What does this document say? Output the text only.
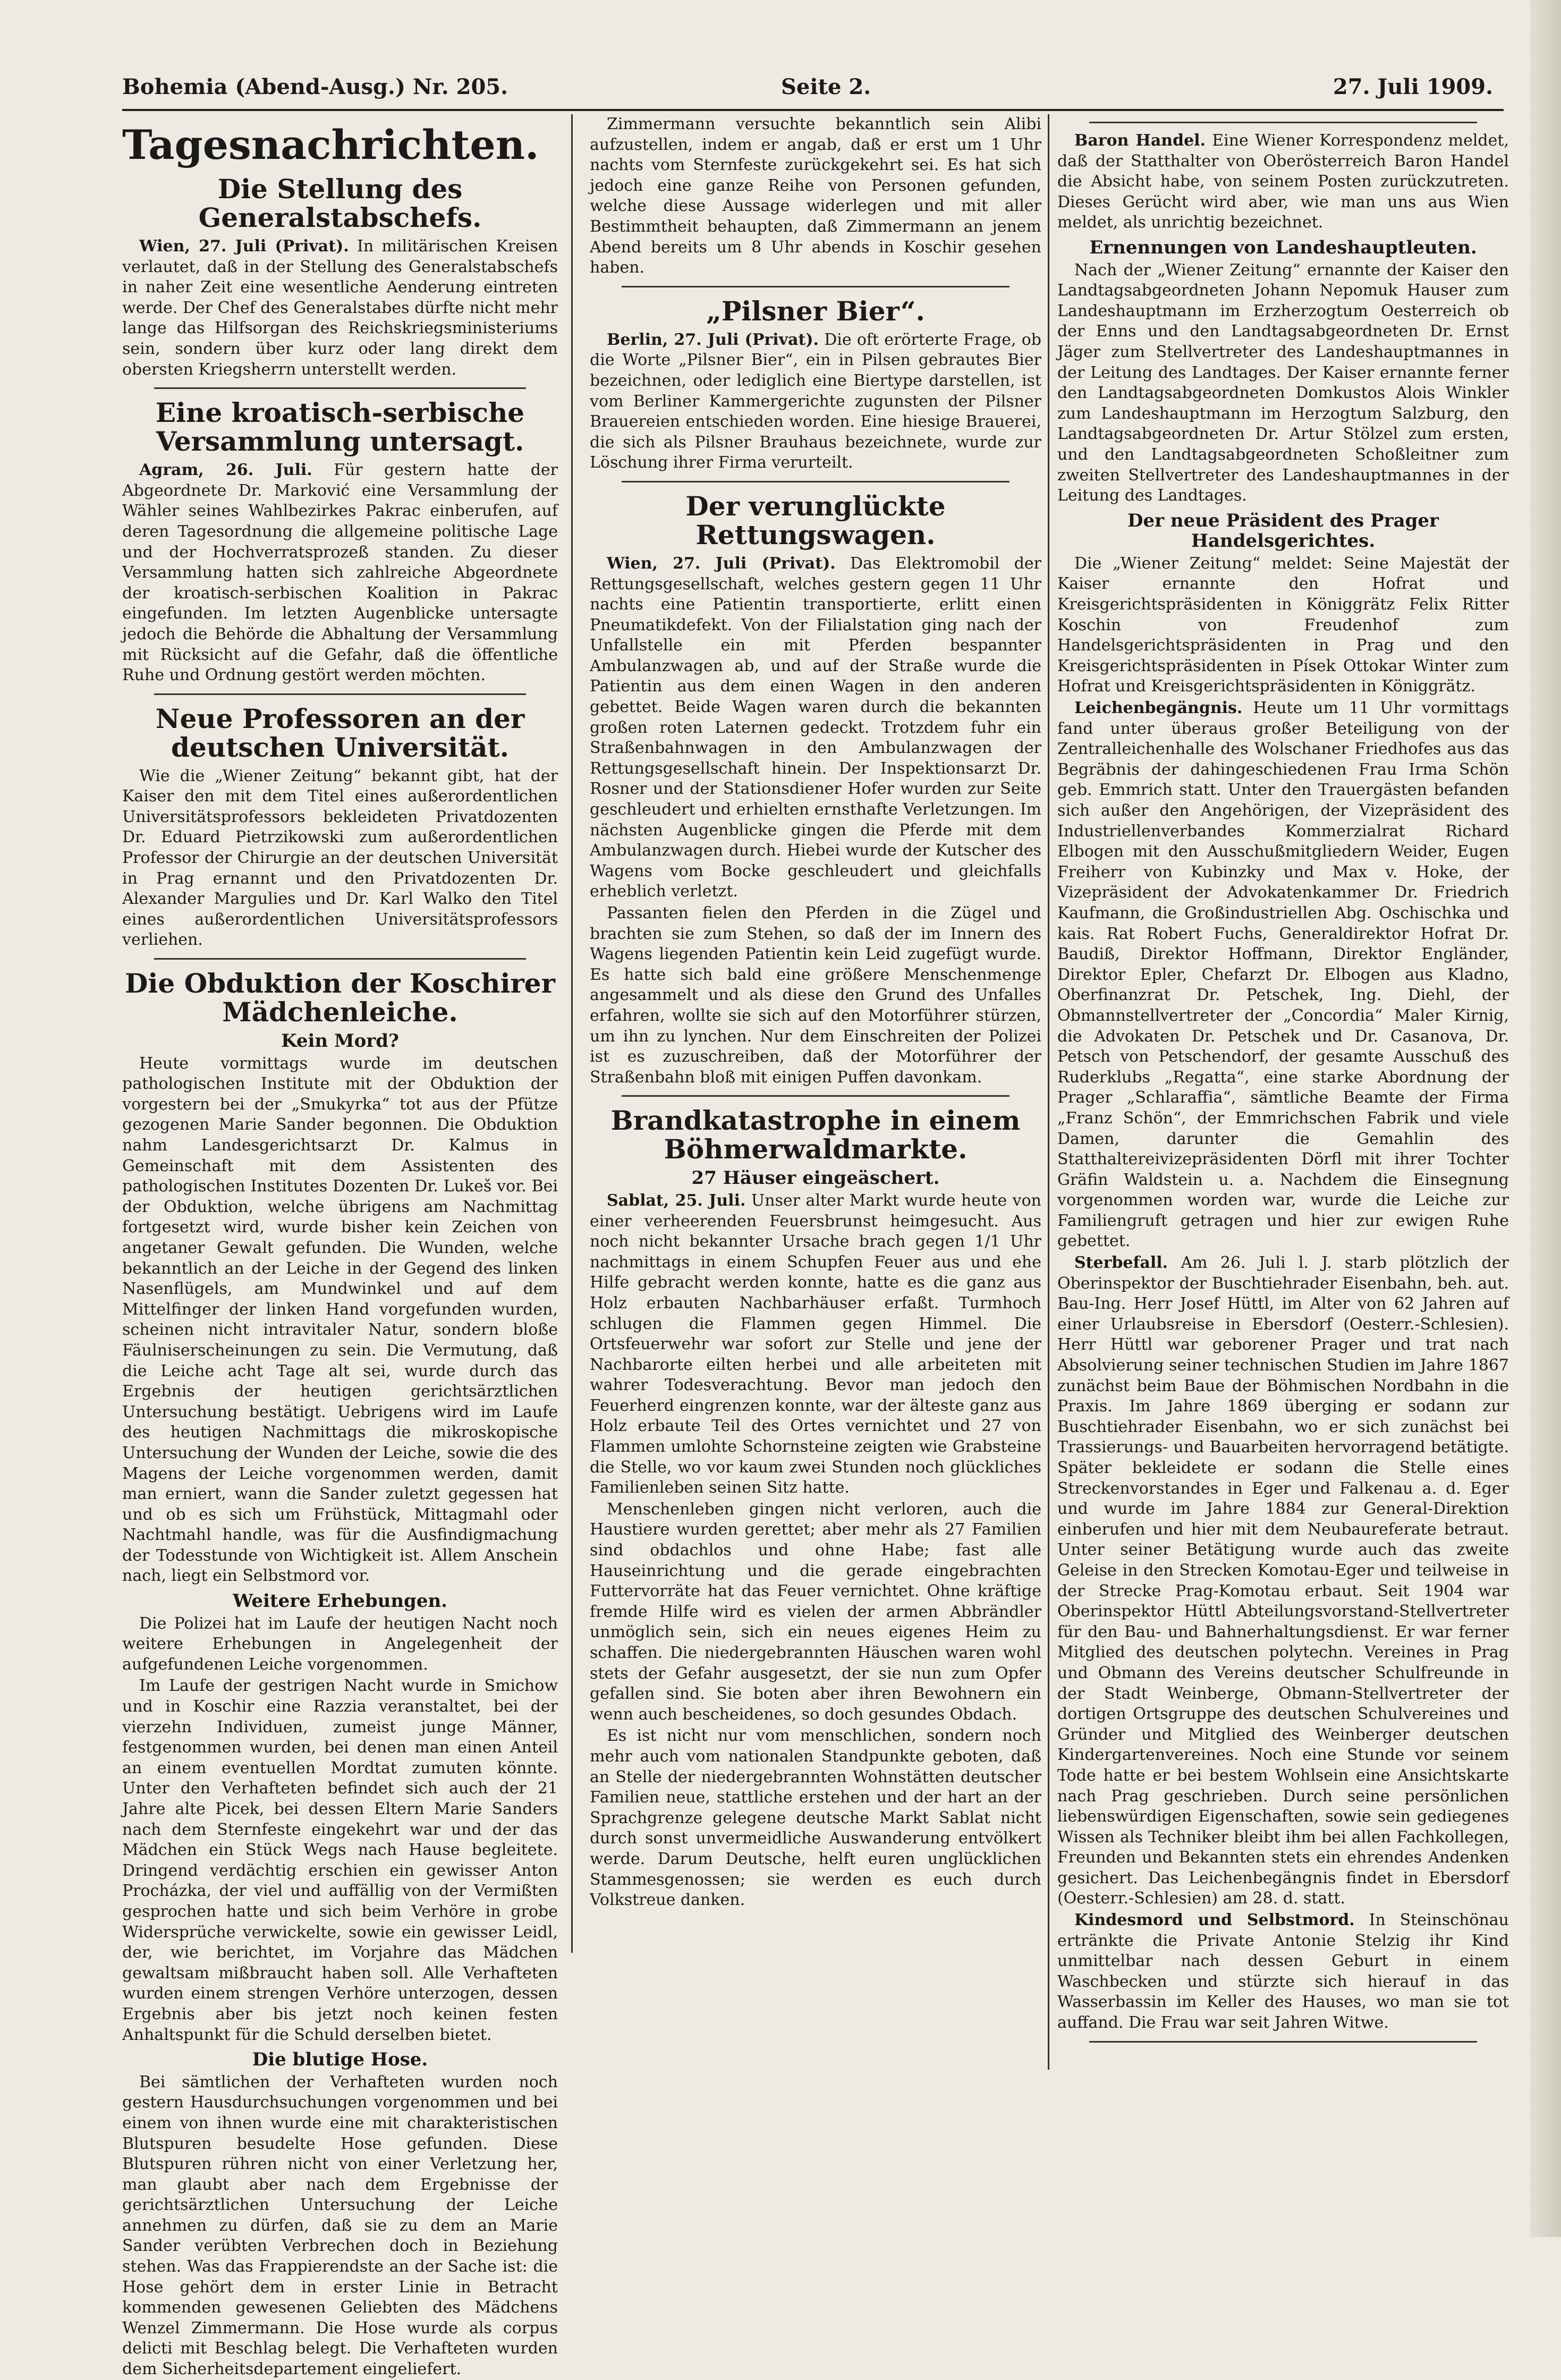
Bohemia (Abend-Ausg.) Nr. 205.	Seite 2.	27. Juli 1909.
Tagesnachrichten.
Die Stellung des Generalstabschefs.

Wien, 27. Juli (Privat). In militärischen Kreisen verlautet, daß in der Stellung des Generalstabschefs in naher Zeit eine wesentliche Aenderung eintreten werde. Der Chef des Generalstabes dürfte nicht mehr lange das Hilfsorgan des Reichskriegsministeriums sein, sondern über kurz oder lang direkt dem obersten Kriegsherrn unterstellt werden.

Eine kroatisch-serbische Versammlung untersagt.

Agram, 26. Juli. Für gestern hatte der Abgeordnete Dr. Marković eine Versammlung der Wähler seines Wahlbezirkes Pakrac einberufen, auf deren Tagesordnung die allgemeine politische Lage und der Hochverratsprozeß standen. Zu dieser Versammlung hatten sich zahlreiche Abgeordnete der kroatisch-serbischen Koalition in Pakrac eingefunden. Im letzten Augenblicke untersagte jedoch die Behörde die Abhaltung der Versammlung mit Rücksicht auf die Gefahr, daß die öffentliche Ruhe und Ordnung gestört werden möchten.

Neue Professoren an der deutschen Universität.

Wie die „Wiener Zeitung“ bekannt gibt, hat der Kaiser den mit dem Titel eines außerordentlichen Universitätsprofessors bekleideten Privatdozenten Dr. Eduard Pietrzikowski zum außerordentlichen Professor der Chirurgie an der deutschen Universität in Prag ernannt und den Privatdozenten Dr. Alexander Margulies und Dr. Karl Walko den Titel eines außerordentlichen Universitätsprofessors verliehen.

Die Obduktion der Koschirer Mädchenleiche.
Kein Mord?

Heute vormittags wurde im deutschen pathologischen Institute mit der Obduktion der vorgestern bei der „Smukyrka“ tot aus der Pfütze gezogenen Marie Sander begonnen. Die Obduktion nahm Landesgerichtsarzt Dr. Kalmus in Gemeinschaft mit dem Assistenten des pathologischen Institutes Dozenten Dr. Lukeš vor. Bei der Obduktion, welche übrigens am Nachmittag fortgesetzt wird, wurde bisher kein Zeichen von angetaner Gewalt gefunden. Die Wunden, welche bekanntlich an der Leiche in der Gegend des linken Nasenflügels, am Mundwinkel und auf dem Mittelfinger der linken Hand vorgefunden wurden, scheinen nicht intravitaler Natur, sondern bloße Fäulniserscheinungen zu sein. Die Vermutung, daß die Leiche acht Tage alt sei, wurde durch das Ergebnis der heutigen gerichtsärztlichen Untersuchung bestätigt. Uebrigens wird im Laufe des heutigen Nachmittags die mikroskopische Untersuchung der Wunden der Leiche, sowie die des Magens der Leiche vorgenommen werden, damit man erniert, wann die Sander zuletzt gegessen hat und ob es sich um Frühstück, Mittagmahl oder Nachtmahl handle, was für die Ausfindigmachung der Todesstunde von Wichtigkeit ist. Allem Anschein nach, liegt ein Selbstmord vor.

Weitere Erhebungen.

Die Polizei hat im Laufe der heutigen Nacht noch weitere Erhebungen in Angelegenheit der aufgefundenen Leiche vorgenommen.

Im Laufe der gestrigen Nacht wurde in Smichow und in Koschir eine Razzia veranstaltet, bei der vierzehn Individuen, zumeist junge Männer, festgenommen wurden, bei denen man einen Anteil an einem eventuellen Mordtat zumuten könnte. Unter den Verhafteten befindet sich auch der 21 Jahre alte Picek, bei dessen Eltern Marie Sanders nach dem Sternfeste eingekehrt war und der das Mädchen ein Stück Wegs nach Hause begleitete. Dringend verdächtig erschien ein gewisser Anton Procházka, der viel und auffällig von der Vermißten gesprochen hatte und sich beim Verhöre in grobe Widersprüche verwickelte, sowie ein gewisser Leidl, der, wie berichtet, im Vorjahre das Mädchen gewaltsam mißbraucht haben soll. Alle Verhafteten wurden einem strengen Verhöre unterzogen, dessen Ergebnis aber bis jetzt noch keinen festen Anhaltspunkt für die Schuld derselben bietet.

Die blutige Hose.

Bei sämtlichen der Verhafteten wurden noch gestern Hausdurchsuchungen vorgenommen und bei einem von ihnen wurde eine mit charakteristischen Blutspuren besudelte Hose gefunden. Diese Blutspuren rühren nicht von einer Verletzung her, man glaubt aber nach dem Ergebnisse der gerichtsärztlichen Untersuchung der Leiche annehmen zu dürfen, daß sie zu dem an Marie Sander verübten Verbrechen doch in Beziehung stehen. Was das Frappierendste an der Sache ist: die Hose gehört dem in erster Linie in Betracht kommenden gewesenen Geliebten des Mädchens Wenzel Zimmermann. Die Hose wurde als corpus delicti mit Beschlag belegt. Die Verhafteten wurden dem Sicherheitsdepartement eingeliefert.

Zimmermann versuchte bekanntlich sein Alibi aufzustellen, indem er angab, daß er erst um 1 Uhr nachts vom Sternfeste zurückgekehrt sei. Es hat sich jedoch eine ganze Reihe von Personen gefunden, welche diese Aussage widerlegen und mit aller Bestimmtheit behaupten, daß Zimmermann an jenem Abend bereits um 8 Uhr abends in Koschir gesehen haben.

„Pilsner Bier“.

Berlin, 27. Juli (Privat). Die oft erörterte Frage, ob die Worte „Pilsner Bier“, ein in Pilsen gebrautes Bier bezeichnen, oder lediglich eine Biertype darstellen, ist vom Berliner Kammergerichte zugunsten der Pilsner Brauereien entschieden worden. Eine hiesige Brauerei, die sich als Pilsner Brauhaus bezeichnete, wurde zur Löschung ihrer Firma verurteilt.

Der verunglückte Rettungswagen.

Wien, 27. Juli (Privat). Das Elektromobil der Rettungsgesellschaft, welches gestern gegen 11 Uhr nachts eine Patientin transportierte, erlitt einen Pneumatikdefekt. Von der Filialstation ging nach der Unfallstelle ein mit Pferden bespannter Ambulanzwagen ab, und auf der Straße wurde die Patientin aus dem einen Wagen in den anderen gebettet. Beide Wagen waren durch die bekannten großen roten Laternen gedeckt. Trotzdem fuhr ein Straßenbahnwagen in den Ambulanzwagen der Rettungsgesellschaft hinein. Der Inspektionsarzt Dr. Rosner und der Stationsdiener Hofer wurden zur Seite geschleudert und erhielten ernsthafte Verletzungen. Im nächsten Augenblicke gingen die Pferde mit dem Ambulanzwagen durch. Hiebei wurde der Kutscher des Wagens vom Bocke geschleudert und gleichfalls erheblich verletzt.

Passanten fielen den Pferden in die Zügel und brachten sie zum Stehen, so daß der im Innern des Wagens liegenden Patientin kein Leid zugefügt wurde. Es hatte sich bald eine größere Menschenmenge angesammelt und als diese den Grund des Unfalles erfahren, wollte sie sich auf den Motorführer stürzen, um ihn zu lynchen. Nur dem Einschreiten der Polizei ist es zuzuschreiben, daß der Motorführer der Straßenbahn bloß mit einigen Puffen davonkam.

Brandkatastrophe in einem Böhmerwaldmarkte.
27 Häuser eingeäschert.

Sablat, 25. Juli. Unser alter Markt wurde heute von einer verheerenden Feuersbrunst heimgesucht. Aus noch nicht bekannter Ursache brach gegen 1/1 Uhr nachmittags in einem Schupfen Feuer aus und ehe Hilfe gebracht werden konnte, hatte es die ganz aus Holz erbauten Nachbarhäuser erfaßt. Turmhoch schlugen die Flammen gegen Himmel. Die Ortsfeuerwehr war sofort zur Stelle und jene der Nachbarorte eilten herbei und alle arbeiteten mit wahrer Todesverachtung. Bevor man jedoch den Feuerherd eingrenzen konnte, war der älteste ganz aus Holz erbaute Teil des Ortes vernichtet und 27 von Flammen umlohte Schornsteine zeigten wie Grabsteine die Stelle, wo vor kaum zwei Stunden noch glückliches Familienleben seinen Sitz hatte.

Menschenleben gingen nicht verloren, auch die Haustiere wurden gerettet; aber mehr als 27 Familien sind obdachlos und ohne Habe; fast alle Hauseinrichtung und die gerade eingebrachten Futtervorräte hat das Feuer vernichtet. Ohne kräftige fremde Hilfe wird es vielen der armen Abbrändler unmöglich sein, sich ein neues eigenes Heim zu schaffen. Die niedergebrannten Häuschen waren wohl stets der Gefahr ausgesetzt, der sie nun zum Opfer gefallen sind. Sie boten aber ihren Bewohnern ein wenn auch bescheidenes, so doch gesundes Obdach.

Es ist nicht nur vom menschlichen, sondern noch mehr auch vom nationalen Standpunkte geboten, daß an Stelle der niedergebrannten Wohnstätten deutscher Familien neue, stattliche erstehen und der hart an der Sprachgrenze gelegene deutsche Markt Sablat nicht durch sonst unvermeidliche Auswanderung entvölkert werde. Darum Deutsche, helft euren unglücklichen Stammesgenossen; sie werden es euch durch Volkstreue danken.

Baron Handel. Eine Wiener Korrespondenz meldet, daß der Statthalter von Oberösterreich Baron Handel die Absicht habe, von seinem Posten zurückzutreten. Dieses Gerücht wird aber, wie man uns aus Wien meldet, als unrichtig bezeichnet.

Ernennungen von Landeshauptleuten.

Nach der „Wiener Zeitung“ ernannte der Kaiser den Landtagsabgeordneten Johann Nepomuk Hauser zum Landeshauptmann im Erzherzogtum Oesterreich ob der Enns und den Landtagsabgeordneten Dr. Ernst Jäger zum Stellvertreter des Landeshauptmannes in der Leitung des Landtages. Der Kaiser ernannte ferner den Landtagsabgeordneten Domkustos Alois Winkler zum Landeshauptmann im Herzogtum Salzburg, den Landtagsabgeordneten Dr. Artur Stölzel zum ersten, und den Landtagsabgeordneten Schoßleitner zum zweiten Stellvertreter des Landeshauptmannes in der Leitung des Landtages.

Der neue Präsident des Prager Handelsgerichtes.

Die „Wiener Zeitung“ meldet: Seine Majestät der Kaiser ernannte den Hofrat und Kreisgerichtspräsidenten in Königgrätz Felix Ritter Koschin von Freudenhof zum Handelsgerichtspräsidenten in Prag und den Kreisgerichtspräsidenten in Písek Ottokar Winter zum Hofrat und Kreisgerichtspräsidenten in Königgrätz.

Leichenbegängnis. Heute um 11 Uhr vormittags fand unter überaus großer Beteiligung von der Zentralleichenhalle des Wolschaner Friedhofes aus das Begräbnis der dahingeschiedenen Frau Irma Schön geb. Emmrich statt. Unter den Trauergästen befanden sich außer den Angehörigen, der Vizepräsident des Industriellenverbandes Kommerzialrat Richard Elbogen mit den Ausschußmitgliedern Weider, Eugen Freiherr von Kubinzky und Max v. Hoke, der Vizepräsident der Advokatenkammer Dr. Friedrich Kaufmann, die Großindustriellen Abg. Oschischka und kais. Rat Robert Fuchs, Generaldirektor Hofrat Dr. Baudiß, Direktor Hoffmann, Direktor Engländer, Direktor Epler, Chefarzt Dr. Elbogen aus Kladno, Oberfinanzrat Dr. Petschek, Ing. Diehl, der Obmannstellvertreter der „Concordia“ Maler Kirnig, die Advokaten Dr. Petschek und Dr. Casanova, Dr. Petsch von Petschendorf, der gesamte Ausschuß des Ruderklubs „Regatta“, eine starke Abordnung der Prager „Schlaraffia“, sämtliche Beamte der Firma „Franz Schön“, der Emmrichschen Fabrik und viele Damen, darunter die Gemahlin des Statthaltereivizepräsidenten Dörfl mit ihrer Tochter Gräfin Waldstein u. a. Nachdem die Einsegnung vorgenommen worden war, wurde die Leiche zur Familiengruft getragen und hier zur ewigen Ruhe gebettet.

Sterbefall. Am 26. Juli l. J. starb plötzlich der Oberinspektor der Buschtiehrader Eisenbahn, beh. aut. Bau-Ing. Herr Josef Hüttl, im Alter von 62 Jahren auf einer Urlaubsreise in Ebersdorf (Oesterr.-Schlesien). Herr Hüttl war geborener Prager und trat nach Absolvierung seiner technischen Studien im Jahre 1867 zunächst beim Baue der Böhmischen Nordbahn in die Praxis. Im Jahre 1869 überging er sodann zur Buschtiehrader Eisenbahn, wo er sich zunächst bei Trassierungs- und Bauarbeiten hervorragend betätigte. Später bekleidete er sodann die Stelle eines Streckenvorstandes in Eger und Falkenau a. d. Eger und wurde im Jahre 1884 zur General-Direktion einberufen und hier mit dem Neubaureferate betraut. Unter seiner Betätigung wurde auch das zweite Geleise in den Strecken Komotau-Eger und teilweise in der Strecke Prag-Komotau erbaut. Seit 1904 war Oberinspektor Hüttl Abteilungsvorstand-Stellvertreter für den Bau- und Bahnerhaltungsdienst. Er war ferner Mitglied des deutschen polytechn. Vereines in Prag und Obmann des Vereins deutscher Schulfreunde in der Stadt Weinberge, Obmann-Stellvertreter der dortigen Ortsgruppe des deutschen Schulvereines und Gründer und Mitglied des Weinberger deutschen Kindergartenvereines. Noch eine Stunde vor seinem Tode hatte er bei bestem Wohlsein eine Ansichtskarte nach Prag geschrieben. Durch seine persönlichen liebenswürdigen Eigenschaften, sowie sein gediegenes Wissen als Techniker bleibt ihm bei allen Fachkollegen, Freunden und Bekannten stets ein ehrendes Andenken gesichert. Das Leichenbegängnis findet in Ebersdorf (Oesterr.-Schlesien) am 28. d. statt.

Kindesmord und Selbstmord. In Steinschönau ertränkte die Private Antonie Stelzig ihr Kind unmittelbar nach dessen Geburt in einem Waschbecken und stürzte sich hierauf in das Wasserbassin im Keller des Hauses, wo man sie tot auffand. Die Frau war seit Jahren Witwe.
